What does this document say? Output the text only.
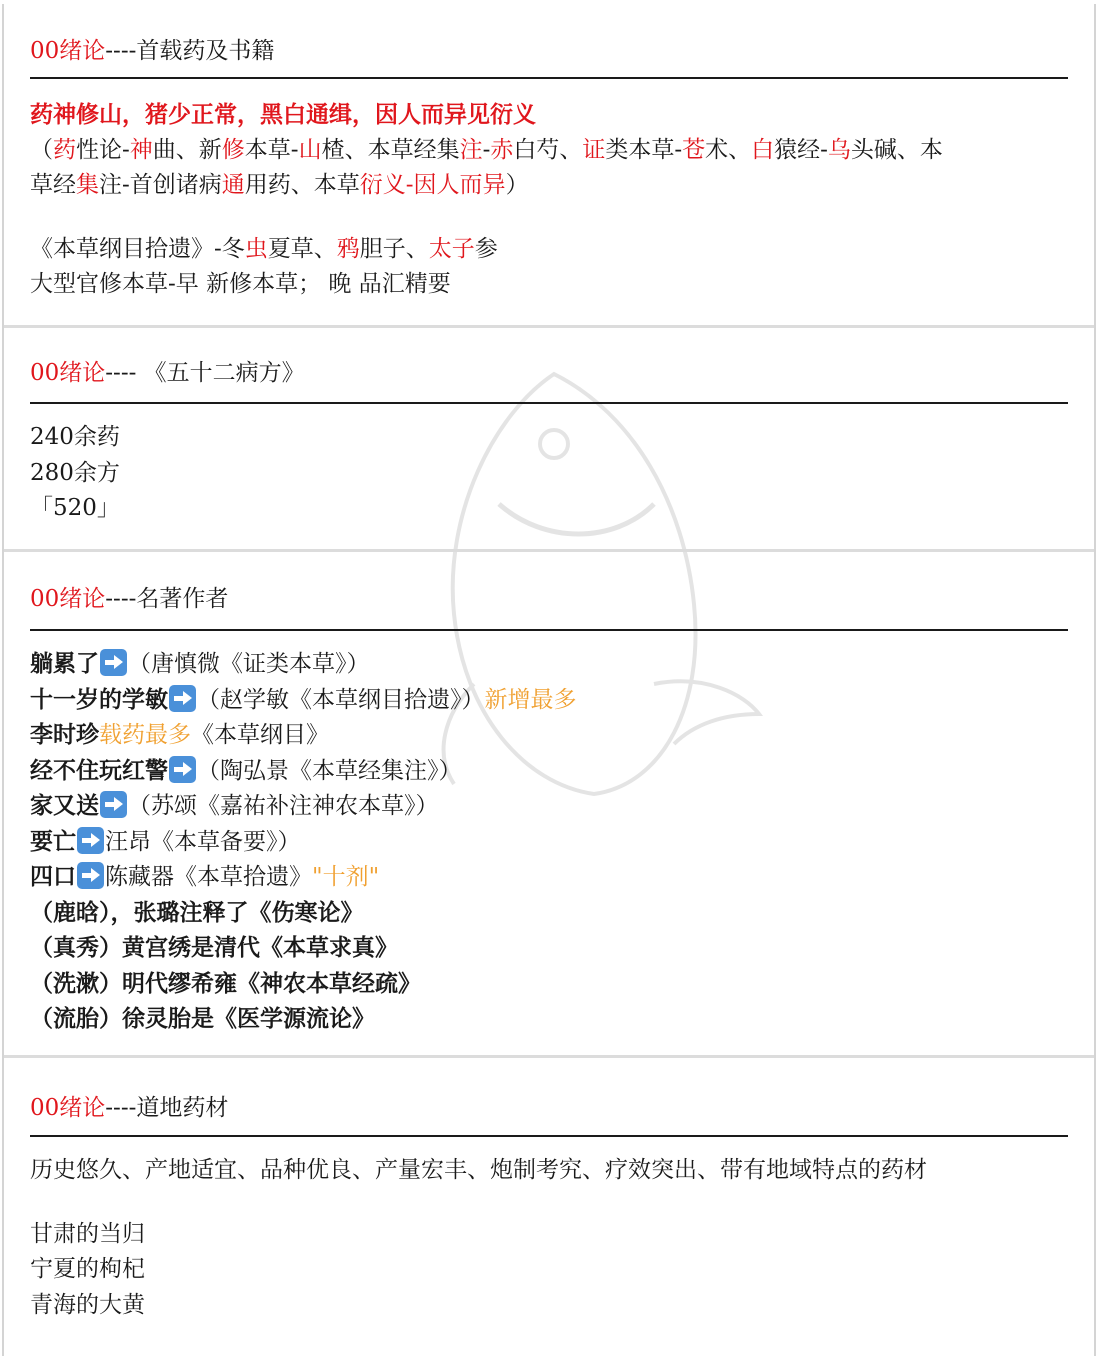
00绪论----首载药及书籍
药神修山，猪少正常，黑白通缉，因人而异见衍义
（药性论-神曲、新修本草-山楂、本草经集注-赤白芍、证类本草-苍术、白猿经-乌头碱、本
草经集注-首创诸病通用药、本草衍义-因人而异）
《本草纲目拾遗》-冬虫夏草、鸦胆子、太子参
大型官修本草-早 新修本草； 晚 品汇精要
00绪论---- 《五十二病方》
240余药
280余方
「520」
00绪论----名著作者
躺累了 （唐慎微《证类本草》）
十一岁的学敏 （赵学敏《本草纲目拾遗》）新增最多
李时珍载药最多《本草纲目》
经不住玩红警 （陶弘景《本草经集注》）
家又送 （苏颂《嘉祐补注神农本草》）
要亡 汪昂《本草备要》）
四口 陈藏器《本草拾遗》"十剂"
（鹿晗），张璐注释了《伤寒论》
（真秀）黄宫绣是清代《本草求真》
（洗漱）明代缪希雍《神农本草经疏》
（流胎）徐灵胎是《医学源流论》
00绪论----道地药材
历史悠久、产地适宜、品种优良、产量宏丰、炮制考究、疗效突出、带有地域特点的药材
甘肃的当归
宁夏的枸杞
青海的大黄
